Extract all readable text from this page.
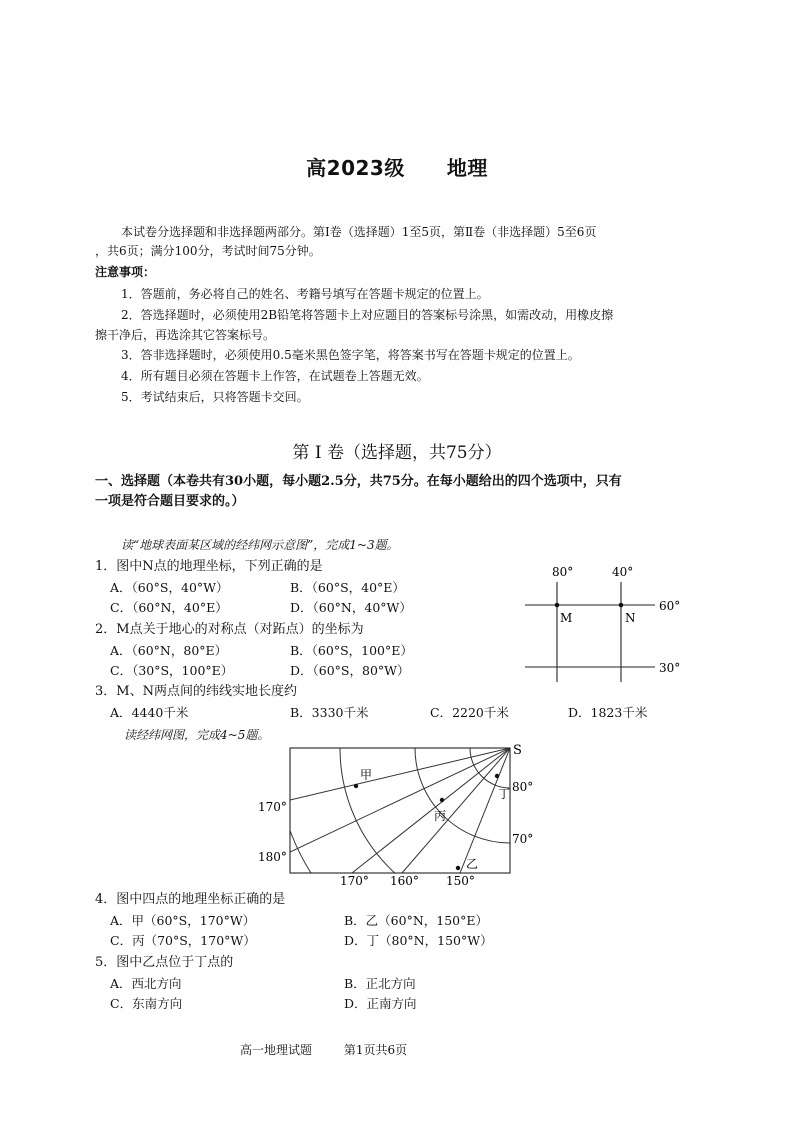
高2023级 地理
本试卷分选择题和非选择题两部分。第Ⅰ卷（选择题）1至5页，第Ⅱ卷（非选择题）5至6页
，共6页；满分100分，考试时间75分钟。
注意事项：
1．答题前，务必将自己的姓名、考籍号填写在答题卡规定的位置上。
2．答选择题时，必须使用2B铅笔将答题卡上对应题目的答案标号涂黑，如需改动，用橡皮擦
擦干净后，再选涂其它答案标号。
3．答非选择题时，必须使用0.5毫米黑色签字笔，将答案书写在答题卡规定的位置上。
4．所有题目必须在答题卡上作答，在试题卷上答题无效。
5．考试结束后，只将答题卡交回。
第 Ⅰ 卷（选择题，共75分）
一、选择题（本卷共有30小题，每小题2.5分，共75分。在每小题给出的四个选项中，只有
一项是符合题目要求的。）
读“地球表面某区域的经纬网示意图”，完成1~3题。
1．图中N点的地理坐标，下列正确的是
A．（60°S，40°W）	B．（60°S，40°E）
C．（60°N，40°E）	D．（60°N，40°W）
2．M点关于地心的对称点（对跖点）的坐标为
A．（60°N，80°E）	B．（60°S，100°E）
C．（30°S，100°E）	D．（60°S，80°W）
3．M、N两点间的纬线实地长度约
A．4440千米	B．3330千米	C．2220千米	D．1823千米
80°	40°
60°
30°
M	N
读经纬网图，完成4~5题。
S
80°
70°
170°
180°
170° 160° 150°
甲
乙
丙
丁
4．图中四点的地理坐标正确的是
A．甲（60°S，170°W）	B．乙（60°N，150°E）
C．丙（70°S，170°W）	D．丁（80°N，150°W）
5．图中乙点位于丁点的
A．西北方向	B．正北方向
C．东南方向	D．正南方向
高一地理试题	第1页共6页
